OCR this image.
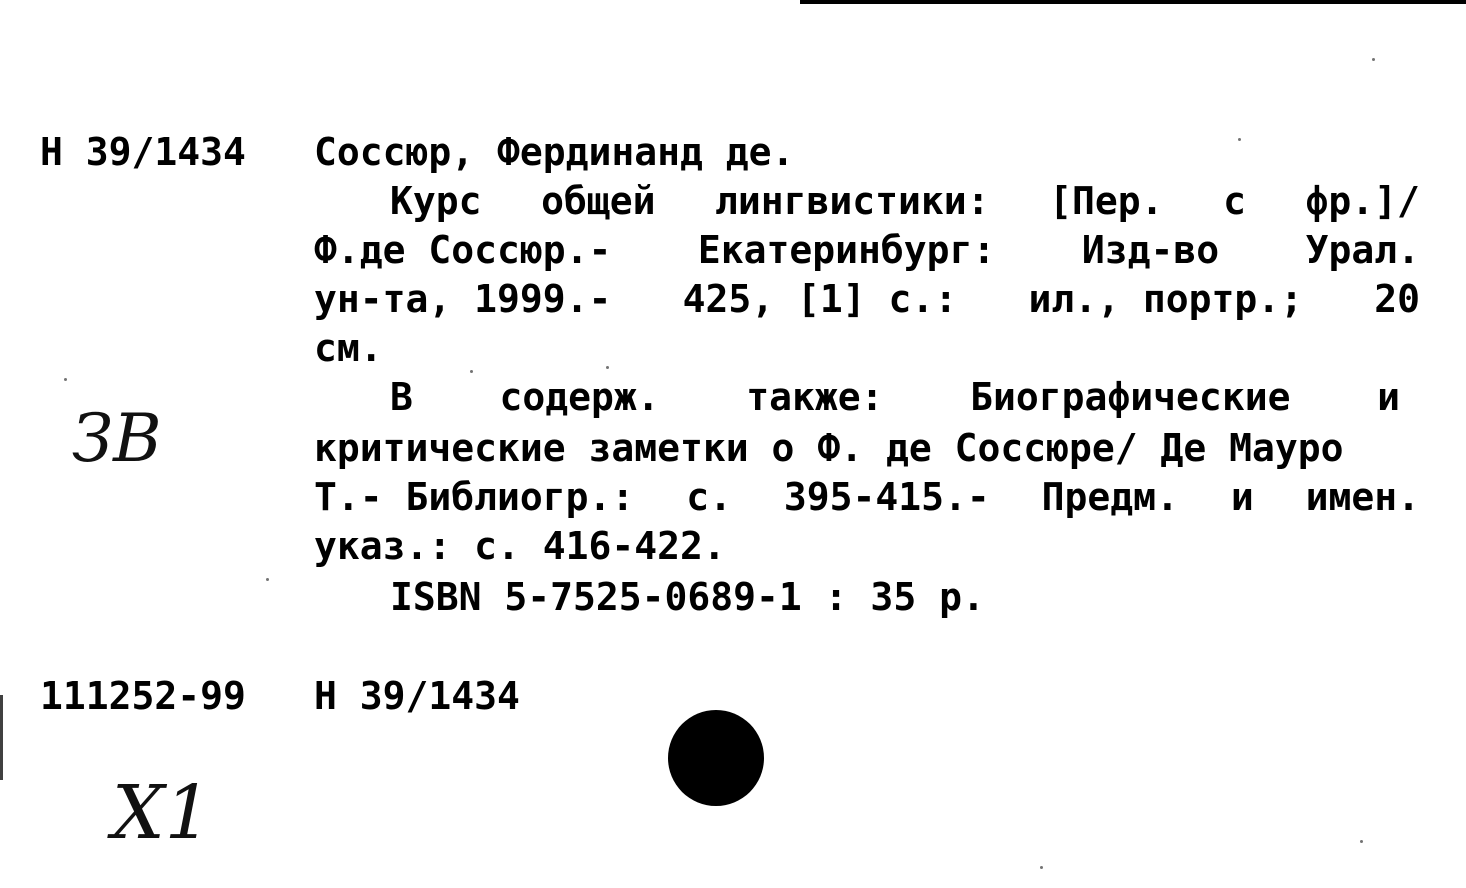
Н 39/1434 Соссюр, Фердинанд де.
Курс общей лингвистики: [Пер. с фр.]/
Ф.де Соссюр.- Екатеринбург: Изд-во Урал.
ун-та, 1999.- 425, [1] с.: ил., портр.; 20
см.
В содерж. также: Биографические и
критические заметки о Ф. де Соссюре/ Де Мауро
Т.- Библиогр.: с. 395-415.- Предм. и имен.
указ.: с. 416-422.
ISBN 5-7525-0689-1 : 35 р.
111252-99 Н 39/1434
ЗВ
Х1
